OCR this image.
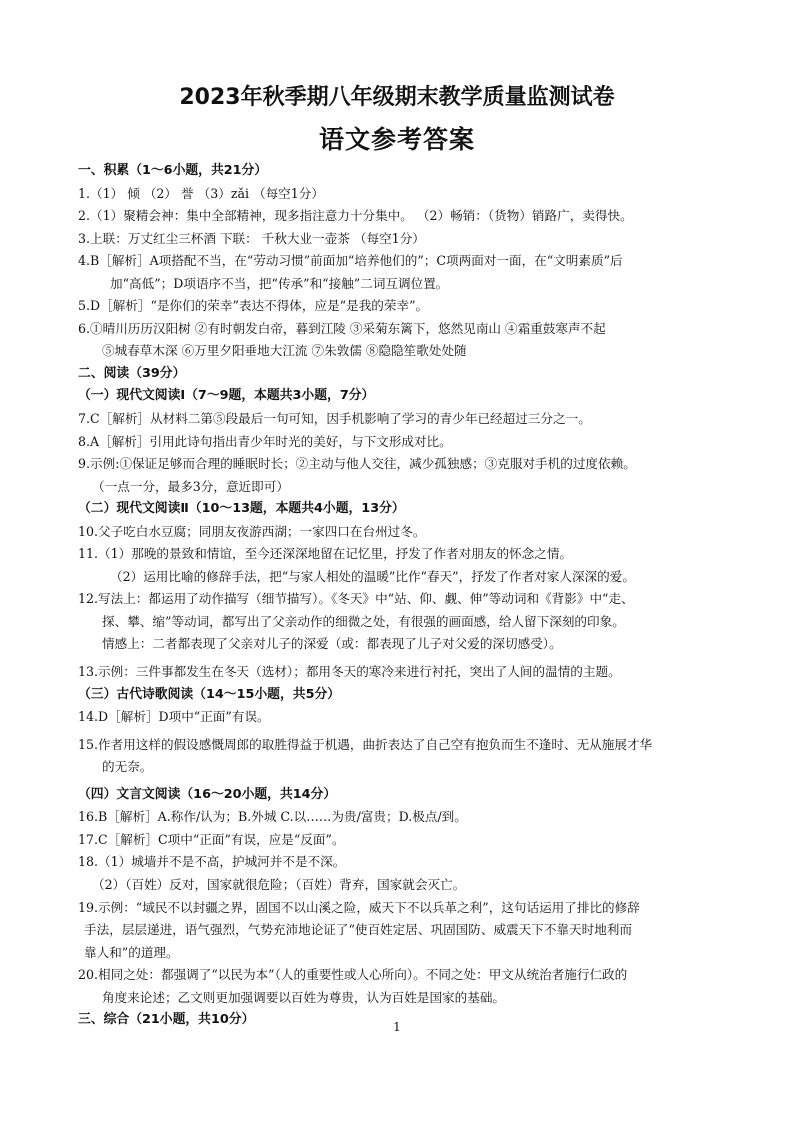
2023年秋季期八年级期末教学质量监测试卷
语文参考答案
一、积累（1～6小题，共21分）
1.（1） 倾 （2） 誉 （3）zǎi （每空1分）
2.（1）聚精会神：集中全部精神，现多指注意力十分集中。 （2）畅销：（货物）销路广，卖得快。
3.上联：万丈红尘三杯酒 下联： 千秋大业一壶茶 （每空1分）
4.B［解析］A项搭配不当，在“劳动习惯”前面加“培养他们的”；C项两面对一面，在“文明素质”后
加“高低”；D项语序不当，把“传承”和“接触”二词互调位置。
5.D［解析］“是你们的荣幸”表达不得体，应是“是我的荣幸”。
6.①晴川历历汉阳树 ②有时朝发白帝，暮到江陵 ③采菊东篱下，悠然见南山 ④霜重鼓寒声不起
⑤城春草木深 ⑥万里夕阳垂地大江流 ⑦朱敦儒 ⑧隐隐笙歌处处随
二、阅读（39分）
（一）现代文阅读Ⅰ（7～9题，本题共3小题，7分）
7.C［解析］从材料二第⑤段最后一句可知，因手机影响了学习的青少年已经超过三分之一。
8.A［解析］引用此诗句指出青少年时光的美好，与下文形成对比。
9.示例:①保证足够而合理的睡眠时长；②主动与他人交往，减少孤独感；③克服对手机的过度依赖。
（一点一分，最多3分，意近即可）
（二）现代文阅读Ⅱ（10～13题，本题共4小题，13分）
10.父子吃白水豆腐；同朋友夜游西湖；一家四口在台州过冬。
11.（1）那晚的景致和情谊，至今还深深地留在记忆里，抒发了作者对朋友的怀念之情。
（2）运用比喻的修辞手法，把“与家人相处的温暖”比作“春天”，抒发了作者对家人深深的爱。
12.写法上：都运用了动作描写（细节描写）。《冬天》中“站、仰、觑、伸”等动词和《背影》中“走、
探、攀、缩”等动词，都写出了父亲动作的细微之处，有很强的画面感，给人留下深刻的印象。
情感上：二者都表现了父亲对儿子的深爱（或：都表现了儿子对父爱的深切感受）。
13.示例：三件事都发生在冬天（选材）；都用冬天的寒冷来进行衬托，突出了人间的温情的主题。
（三）古代诗歌阅读（14～15小题，共5分）
14.D［解析］D项中“正面”有误。
15.作者用这样的假设感慨周郎的取胜得益于机遇，曲折表达了自己空有抱负而生不逢时、无从施展才华
的无奈。
（四）文言文阅读（16～20小题，共14分）
16.B［解析］A.称作/认为；B.外城 C.以……为贵/富贵；D.极点/到。
17.C［解析］C项中“正面”有误，应是“反面”。
18.（1）城墙并不是不高，护城河并不是不深。
（2）（百姓）反对，国家就很危险；（百姓）背弃，国家就会灭亡。
19.示例：“域民不以封疆之界，固国不以山溪之险，威天下不以兵革之利”，这句话运用了排比的修辞
手法，层层递进，语气强烈，气势充沛地论证了“使百姓定居、巩固国防、威震天下不靠天时地利而
靠人和”的道理。
20.相同之处：都强调了“以民为本”（人的重要性或人心所向）。不同之处：甲文从统治者施行仁政的
角度来论述；乙文则更加强调要以百姓为尊贵，认为百姓是国家的基础。
三、综合（21小题，共10分）	1
